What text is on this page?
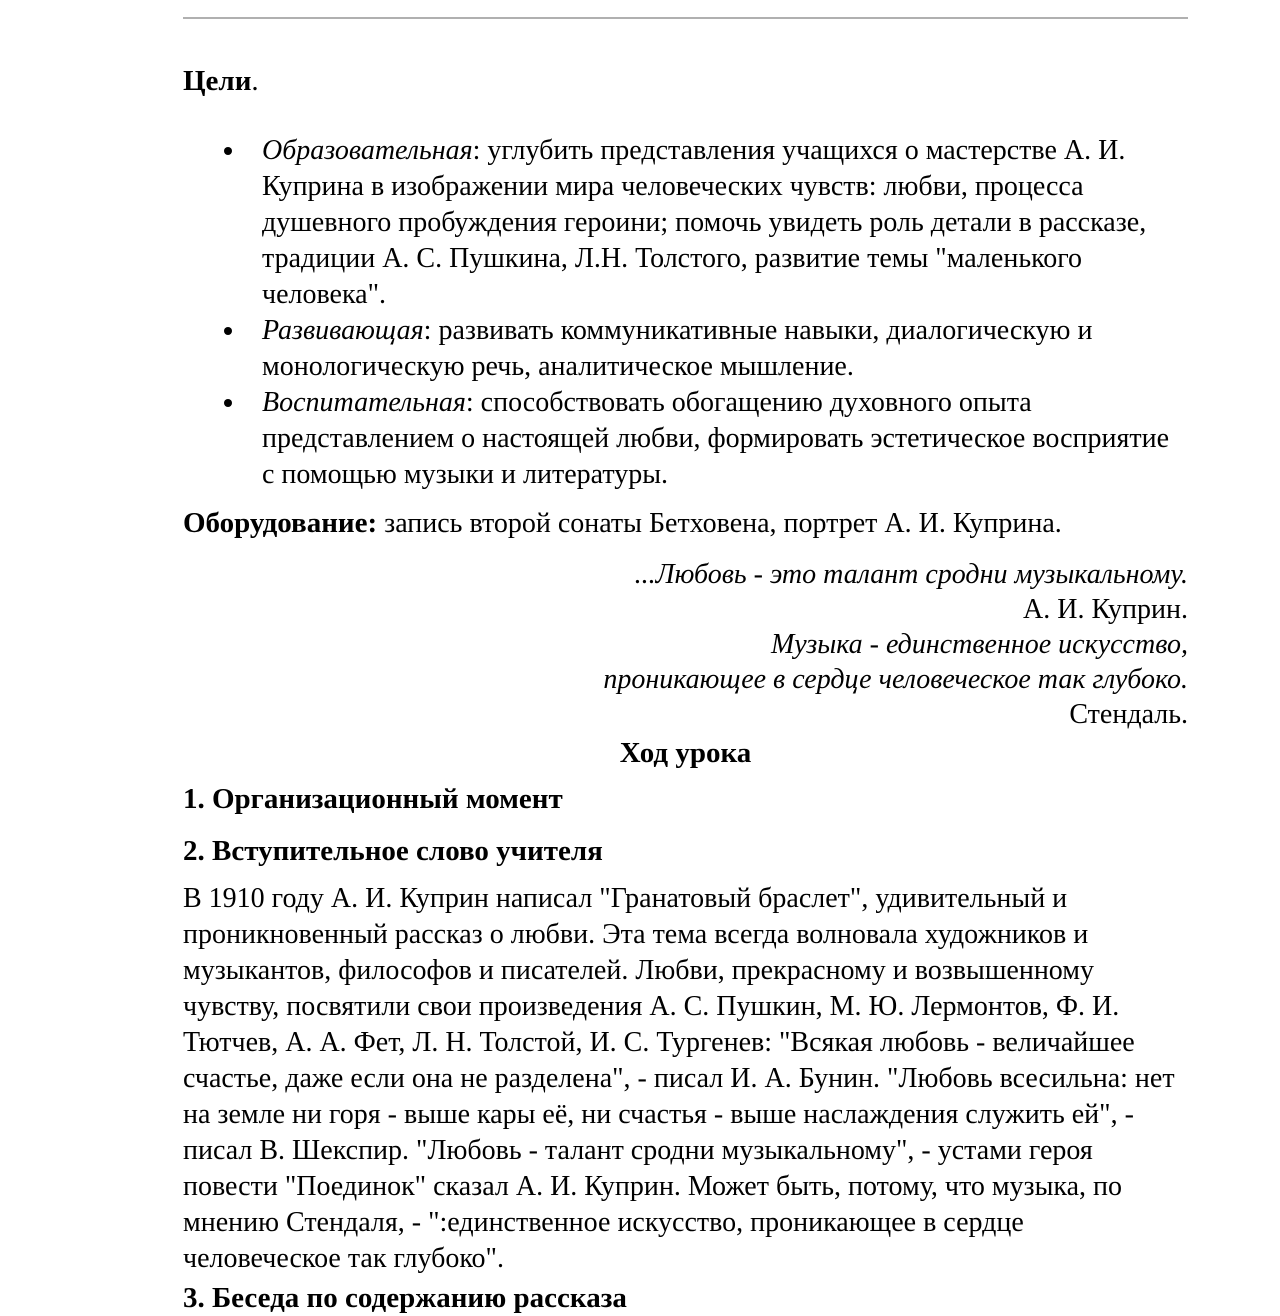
Цели.
Образовательная: углубить представления учащихся о мастерстве А. И. Куприна в изображении мира человеческих чувств: любви, процесса душевного пробуждения героини; помочь увидеть роль детали в рассказе, традиции А. С. Пушкина, Л.Н. Толстого, развитие темы "маленького человека".
Развивающая: развивать коммуникативные навыки, диалогическую и монологическую речь, аналитическое мышление.
Воспитательная: способствовать обогащению духовного опыта представлением о настоящей любви, формировать эстетическое восприятие с помощью музыки и литературы.
Оборудование: запись второй сонаты Бетховена, портрет А. И. Куприна.
...Любовь - это талант сродни музыкальному.
А. И. Куприн.
Музыка - единственное искусство,
проникающее в сердце человеческое так глубоко.
Стендаль.
Ход урока
1. Организационный момент
2. Вступительное слово учителя
В 1910 году А. И. Куприн написал "Гранатовый браслет", удивительный и проникновенный рассказ о любви. Эта тема всегда волновала художников и музыкантов, философов и писателей. Любви, прекрасному и возвышенному чувству, посвятили свои произведения А. С. Пушкин, М. Ю. Лермонтов, Ф. И. Тютчев, А. А. Фет, Л. Н. Толстой, И. С. Тургенев: "Всякая любовь - величайшее счастье, даже если она не разделена", - писал И. А. Бунин. "Любовь всесильна: нет на земле ни горя - выше кары её, ни счастья - выше наслаждения служить ей", - писал В. Шекспир. "Любовь - талант сродни музыкальному", - устами героя повести "Поединок" сказал А. И. Куприн. Может быть, потому, что музыка, по мнению Стендаля, - ":единственное искусство, проникающее в сердце человеческое так глубоко".
3. Беседа по содержанию рассказа
